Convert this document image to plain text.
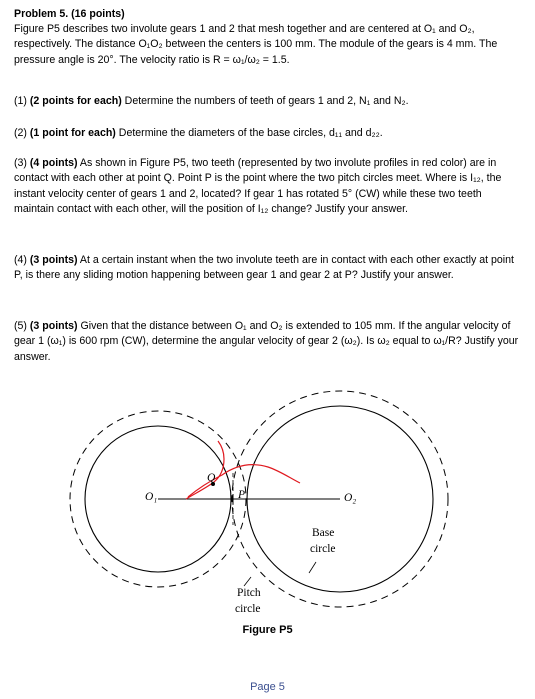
Problem 5. (16 points)
Figure P5 describes two involute gears 1 and 2 that mesh together and are centered at O₁ and O₂, respectively. The distance O₁O₂ between the centers is 100 mm. The module of the gears is 4 mm. The pressure angle is 20°. The velocity ratio is R = ω₁/ω₂ = 1.5.
(1) (2 points for each) Determine the numbers of teeth of gears 1 and 2, N₁ and N₂.
(2) (1 point for each) Determine the diameters of the base circles, d₁₁ and d₂₂.
(3) (4 points) As shown in Figure P5, two teeth (represented by two involute profiles in red color) are in contact with each other at point Q. Point P is the point where the two pitch circles meet. Where is I₁₂, the instant velocity center of gears 1 and 2, located? If gear 1 has rotated 5° (CW) while these two teeth maintain contact with each other, will the position of I₁₂ change? Justify your answer.
(4) (3 points) At a certain instant when the two involute teeth are in contact with each other exactly at point P, is there any sliding motion happening between gear 1 and gear 2 at P? Justify your answer.
(5) (3 points) Given that the distance between O₁ and O₂ is extended to 105 mm. If the angular velocity of gear 1 (ω₁) is 600 rpm (CW), determine the angular velocity of gear 2 (ω₂). Is ω₂ equal to ω₁/R? Justify your answer.
O₁	O₂
Q
P
Base
circle
Pitch
circle
Figure P5
Page 5
